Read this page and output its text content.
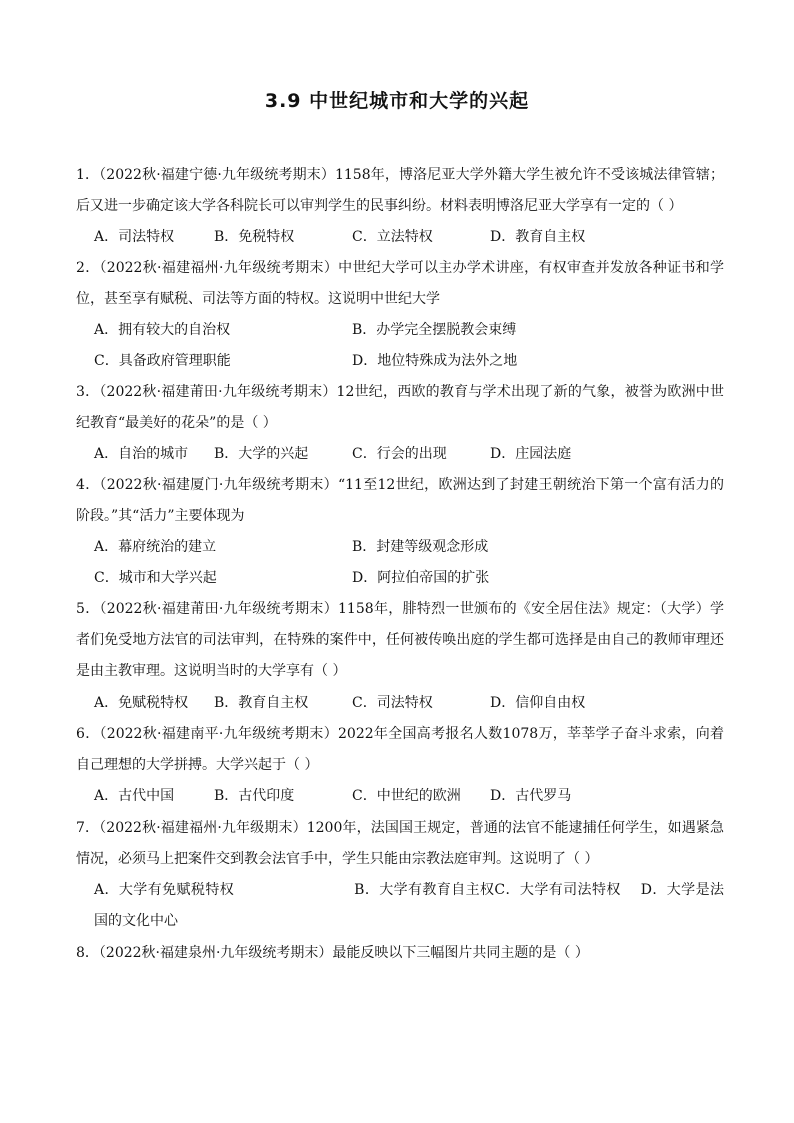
3.9 中世纪城市和大学的兴起
1．（2022秋·福建宁德·九年级统考期末）1158年，博洛尼亚大学外籍大学生被允许不受该城法律管辖；后又进一步确定该大学各科院长可以审判学生的民事纠纷。材料表明博洛尼亚大学享有一定的（ ）
A．司法特权	B．免税特权	C．立法特权	D．教育自主权
2．（2022秋·福建福州·九年级统考期末）中世纪大学可以主办学术讲座，有权审查并发放各种证书和学位，甚至享有赋税、司法等方面的特权。这说明中世纪大学
A．拥有较大的自治权	B．办学完全摆脱教会束缚
C．具备政府管理职能	D．地位特殊成为法外之地
3．（2022秋·福建莆田·九年级统考期末）12世纪，西欧的教育与学术出现了新的气象，被誉为欧洲中世纪教育“最美好的花朵”的是（ ）
A．自治的城市 B．大学的兴起	C．行会的出现	D．庄园法庭
4．（2022秋·福建厦门·九年级统考期末）“11至12世纪，欧洲达到了封建王朝统治下第一个富有活力的阶段。”其“活力”主要体现为
A．幕府统治的建立	B．封建等级观念形成
C．城市和大学兴起	D．阿拉伯帝国的扩张
5．（2022秋·福建莆田·九年级统考期末）1158年，腓特烈一世颁布的《安全居住法》规定：（大学）学者们免受地方法官的司法审判，在特殊的案件中，任何被传唤出庭的学生都可选择是由自己的教师审理还是由主教审理。这说明当时的大学享有（ ）
A．免赋税特权 B．教育自主权	C．司法特权	D．信仰自由权
6．（2022秋·福建南平·九年级统考期末）2022年全国高考报名人数1078万，莘莘学子奋斗求索，向着自己理想的大学拼搏。大学兴起于（ ）
A．古代中国	B．古代印度	C．中世纪的欧洲 D．古代罗马
7．（2022秋·福建福州·九年级期末）1200年，法国国王规定，普通的法官不能逮捕任何学生，如遇紧急情况，必须马上把案件交到教会法官手中，学生只能由宗教法庭审判。这说明了（ ）
A．大学有免赋税特权	B．大学有教育自主权C．大学有司法特权 D．大学是法国的文化中心
8．（2022秋·福建泉州·九年级统考期末）最能反映以下三幅图片共同主题的是（ ）
